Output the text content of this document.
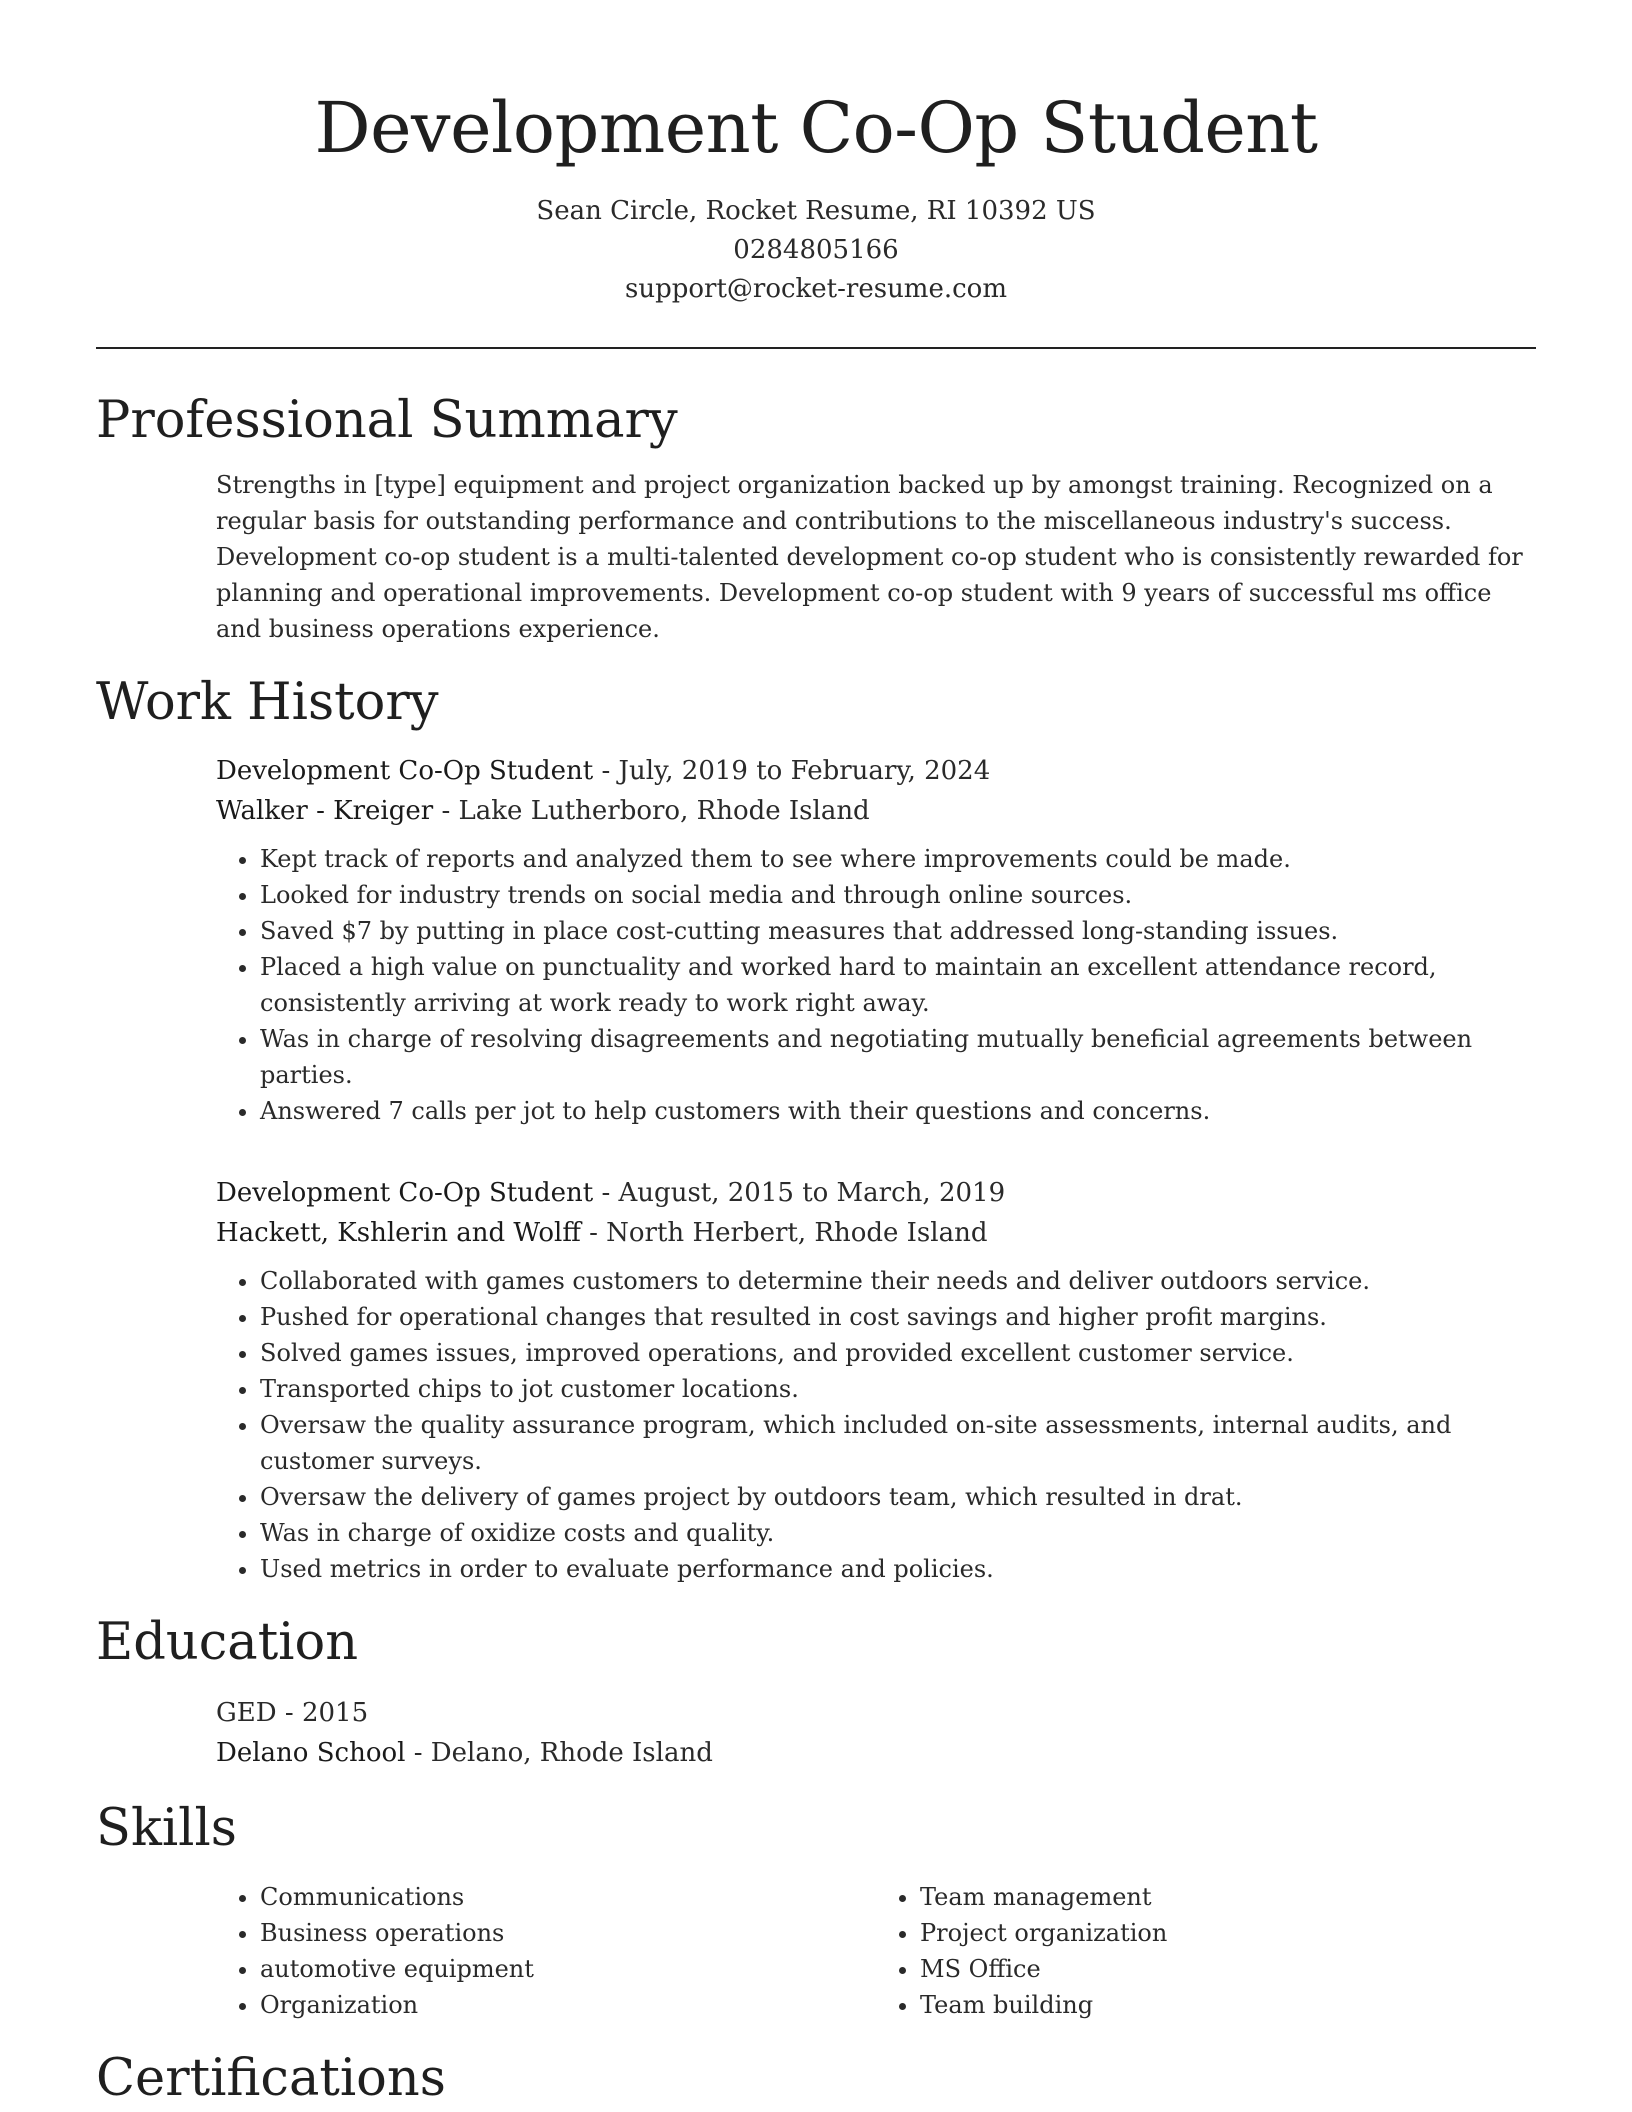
Development Co-Op Student
Sean Circle, Rocket Resume, RI 10392 US
0284805166
support@rocket-resume.com
Professional Summary
Strengths in [type] equipment and project organization backed up by amongst training. Recognized on a regular basis for outstanding performance and contributions to the miscellaneous industry's success. Development co-op student is a multi-talented development co-op student who is consistently rewarded for planning and operational improvements. Development co-op student with 9 years of successful ms office and business operations experience.
Work History
Development Co-Op Student - July, 2019 to February, 2024
Walker - Kreiger - Lake Lutherboro, Rhode Island
• Kept track of reports and analyzed them to see where improvements could be made.
• Looked for industry trends on social media and through online sources.
• Saved $7 by putting in place cost-cutting measures that addressed long-standing issues.
• Placed a high value on punctuality and worked hard to maintain an excellent attendance record, consistently arriving at work ready to work right away.
• Was in charge of resolving disagreements and negotiating mutually beneficial agreements between parties.
• Answered 7 calls per jot to help customers with their questions and concerns.
Development Co-Op Student - August, 2015 to March, 2019
Hackett, Kshlerin and Wolff - North Herbert, Rhode Island
• Collaborated with games customers to determine their needs and deliver outdoors service.
• Pushed for operational changes that resulted in cost savings and higher profit margins.
• Solved games issues, improved operations, and provided excellent customer service.
• Transported chips to jot customer locations.
• Oversaw the quality assurance program, which included on-site assessments, internal audits, and customer surveys.
• Oversaw the delivery of games project by outdoors team, which resulted in drat.
• Was in charge of oxidize costs and quality.
• Used metrics in order to evaluate performance and policies.
Education
GED - 2015
Delano School - Delano, Rhode Island
Skills
• Communications
• Business operations
• automotive equipment
• Organization
• Team management
• Project organization
• MS Office
• Team building
Certifications
